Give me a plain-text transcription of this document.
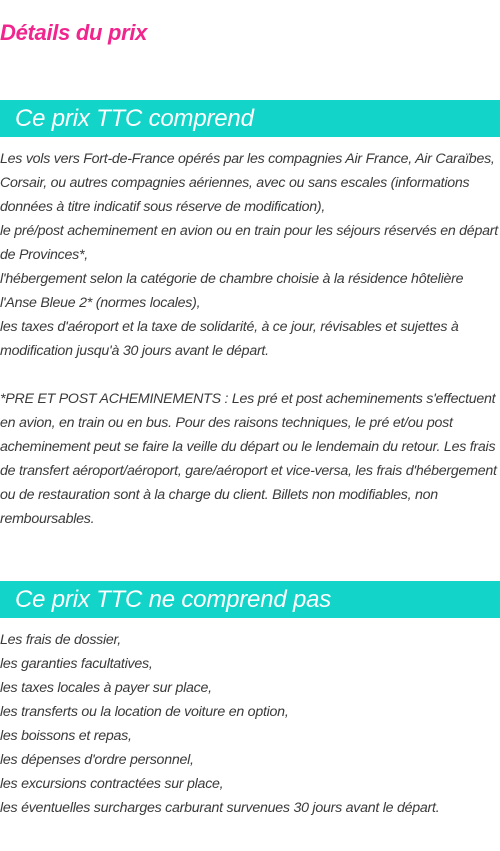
Détails du prix
Ce prix TTC comprend

Les vols vers Fort-de-France opérés par les compagnies Air France, Air Caraïbes, Corsair, ou autres compagnies aériennes, avec ou sans escales (informations données à titre indicatif sous réserve de modification),

le pré/post acheminement en avion ou en train pour les séjours réservés en départ de Provinces*,

l'hébergement selon la catégorie de chambre choisie à la résidence hôtelière l'Anse Bleue 2* (normes locales),

les taxes d'aéroport et la taxe de solidarité, à ce jour, révisables et sujettes à modification jusqu'à 30 jours avant le départ.

*PRE ET POST ACHEMINEMENTS : Les pré et post acheminements s'effectuent en avion, en train ou en bus. Pour des raisons techniques, le pré et/ou post acheminement peut se faire la veille du départ ou le lendemain du retour. Les frais de transfert aéroport/aéroport, gare/aéroport et vice-versa, les frais d'hébergement ou de restauration sont à la charge du client. Billets non modifiables, non remboursables.

Ce prix TTC ne comprend pas

Les frais de dossier,

les garanties facultatives,

les taxes locales à payer sur place,

les transferts ou la location de voiture en option,

les boissons et repas,

les dépenses d'ordre personnel,

les excursions contractées sur place,

les éventuelles surcharges carburant survenues 30 jours avant le départ.
